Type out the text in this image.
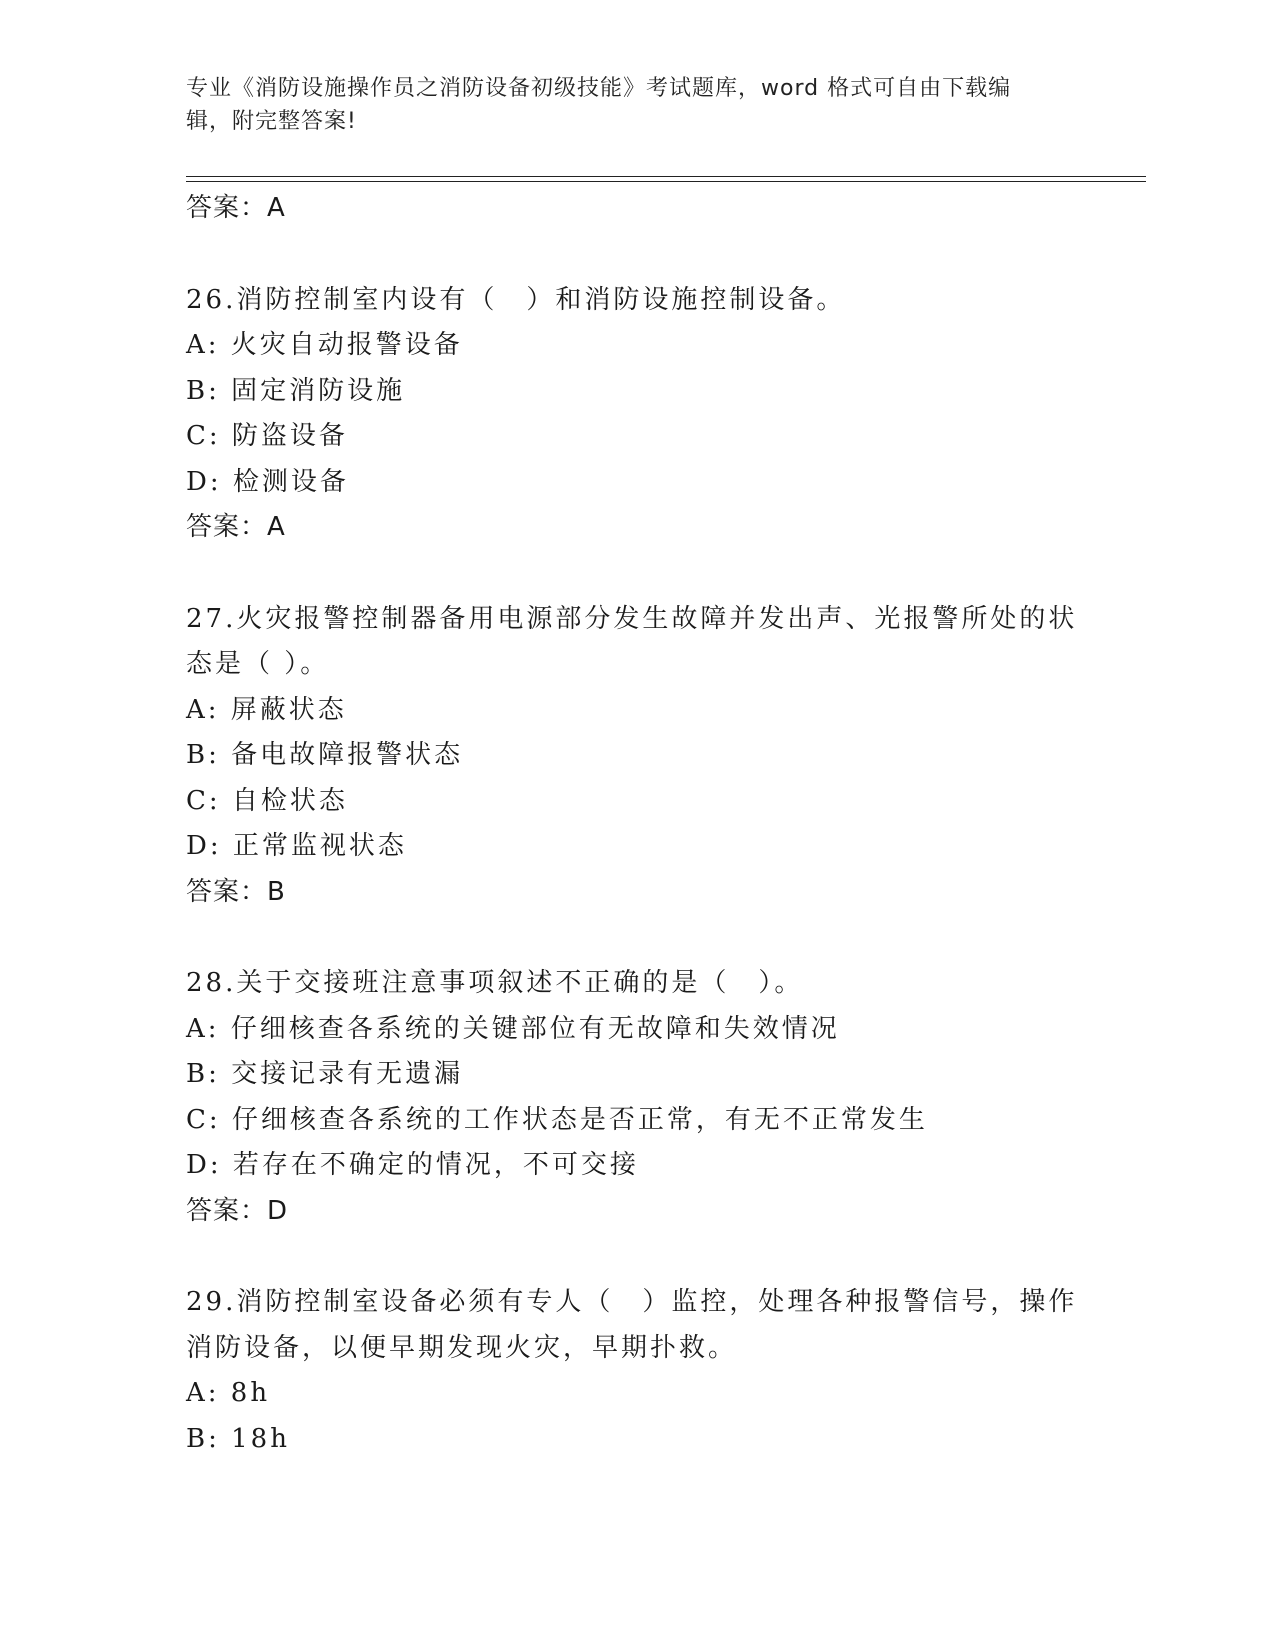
专业《消防设施操作员之消防设备初级技能》考试题库，word 格式可自由下载编
辑，附完整答案!
答案：A
26.消防控制室内设有（　）和消防设施控制设备。
A: 火灾自动报警设备
B: 固定消防设施
C: 防盗设备
D: 检测设备
答案：A
27.火灾报警控制器备用电源部分发生故障并发出声、光报警所处的状
态是（ ）。
A: 屏蔽状态
B: 备电故障报警状态
C: 自检状态
D: 正常监视状态
答案：B
28.关于交接班注意事项叙述不正确的是（　）。
A: 仔细核查各系统的关键部位有无故障和失效情况
B: 交接记录有无遗漏
C: 仔细核查各系统的工作状态是否正常，有无不正常发生
D: 若存在不确定的情况，不可交接
答案：D
29.消防控制室设备必须有专人（　）监控，处理各种报警信号，操作
消防设备，以便早期发现火灾，早期扑救。
A: 8h
B: 18h
